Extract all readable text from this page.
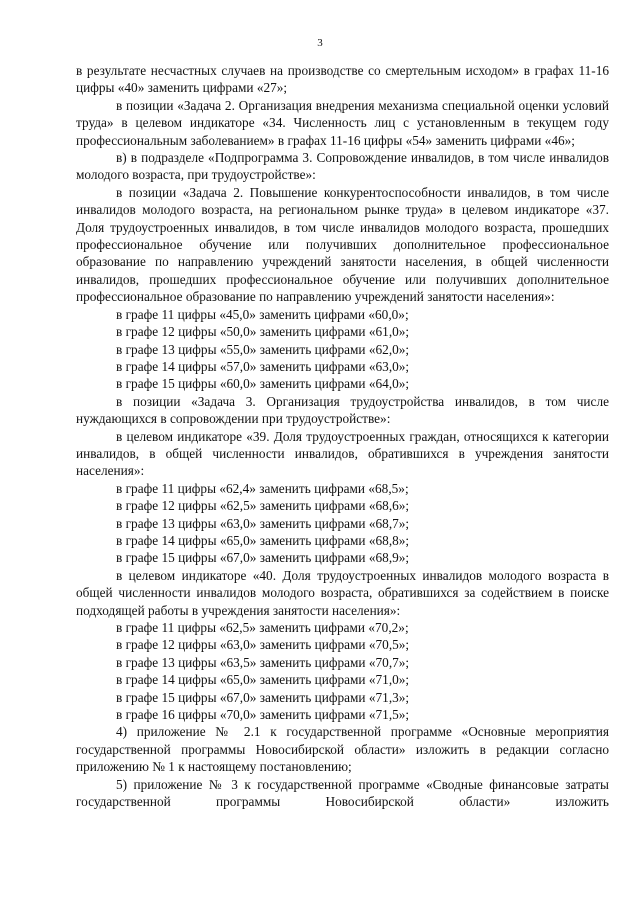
3

в результате несчастных случаев на производстве со смертельным исходом» в графах 11-16 цифры «40» заменить цифрами «27»;

в позиции «Задача 2. Организация внедрения механизма специальной оценки условий труда» в целевом индикаторе «34. Численность лиц с установленным в текущем году профессиональным заболеванием» в графах 11-16 цифры «54» заменить цифрами «46»;

в) в подразделе «Подпрограмма 3. Сопровождение инвалидов, в том числе инвалидов молодого возраста, при трудоустройстве»:

в позиции «Задача 2. Повышение конкурентоспособности инвалидов, в том числе инвалидов молодого возраста, на региональном рынке труда» в целевом индикаторе «37. Доля трудоустроенных инвалидов, в том числе инвалидов молодого возраста, прошедших профессиональное обучение или получивших дополнительное профессиональное образование по направлению учреждений занятости населения, в общей численности инвалидов, прошедших профессиональное обучение или получивших дополнительное профессиональное образование по направлению учреждений занятости населения»:

в графе 11 цифры «45,0» заменить цифрами «60,0»;

в графе 12 цифры «50,0» заменить цифрами «61,0»;

в графе 13 цифры «55,0» заменить цифрами «62,0»;

в графе 14 цифры «57,0» заменить цифрами «63,0»;

в графе 15 цифры «60,0» заменить цифрами «64,0»;

в позиции «Задача 3. Организация трудоустройства инвалидов, в том числе нуждающихся в сопровождении при трудоустройстве»:

в целевом индикаторе «39. Доля трудоустроенных граждан, относящихся к категории инвалидов, в общей численности инвалидов, обратившихся в учреждения занятости населения»:

в графе 11 цифры «62,4» заменить цифрами «68,5»;

в графе 12 цифры «62,5» заменить цифрами «68,6»;

в графе 13 цифры «63,0» заменить цифрами «68,7»;

в графе 14 цифры «65,0» заменить цифрами «68,8»;

в графе 15 цифры «67,0» заменить цифрами «68,9»;

в целевом индикаторе «40. Доля трудоустроенных инвалидов молодого возраста в общей численности инвалидов молодого возраста, обратившихся за содействием в поиске подходящей работы в учреждения занятости населения»:

в графе 11 цифры «62,5» заменить цифрами «70,2»;

в графе 12 цифры «63,0» заменить цифрами «70,5»;

в графе 13 цифры «63,5» заменить цифрами «70,7»;

в графе 14 цифры «65,0» заменить цифрами «71,0»;

в графе 15 цифры «67,0» заменить цифрами «71,3»;

в графе 16 цифры «70,0» заменить цифрами «71,5»;

4) приложение № 2.1 к государственной программе «Основные мероприятия государственной программы Новосибирской области» изложить в редакции согласно приложению № 1 к настоящему постановлению;

5) приложение № 3 к государственной программе «Сводные финансовые затраты государственной программы Новосибирской области» изложить
